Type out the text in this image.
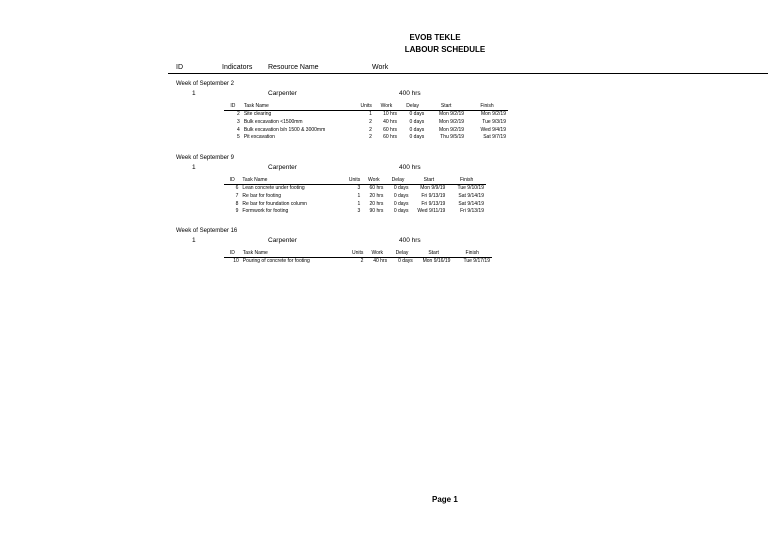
EVOB TEKLE
LABOUR SCHEDULE
ID	Indicators Resource Name	Work
Week of September 2
1	Carpenter	400 hrs
ID	Task Name	Units	Work	Delay	Start	Finish
2	Site clearing	1	10 hrs	0 days	Mon 9/2/19	Mon 9/2/19
3	Bulk excavation <1500mm	2	40 hrs	0 days	Mon 9/2/19	Tue 9/3/19
4	Bulk excavation b/n 1500 & 3000mm	2	60 hrs	0 days	Mon 9/2/19	Wed 9/4/19
5	Pit excavation	2	60 hrs	0 days	Thu 9/5/19	Sat 9/7/19
Week of September 9
1	Carpenter	400 hrs
ID	Task Name	Units	Work	Delay	Start	Finish
6	Lean concrete under footing	3	60 hrs	0 days	Mon 9/9/19	Tue 9/10/19
7	Re bar for footing	1	20 hrs	0 days	Fri 9/13/19	Sat 9/14/19
8	Re bar for foundation column	1	20 hrs	0 days	Fri 9/13/19	Sat 9/14/19
9	Formwork for footing	3	90 hrs	0 days	Wed 9/11/19	Fri 9/13/19
Week of September 16
1	Carpenter	400 hrs
ID	Task Name	Units	Work	Delay	Start	Finish
10	Pouring of concrete for footing	2	40 hrs	0 days	Mon 9/16/19	Tue 9/17/19
Page 1
